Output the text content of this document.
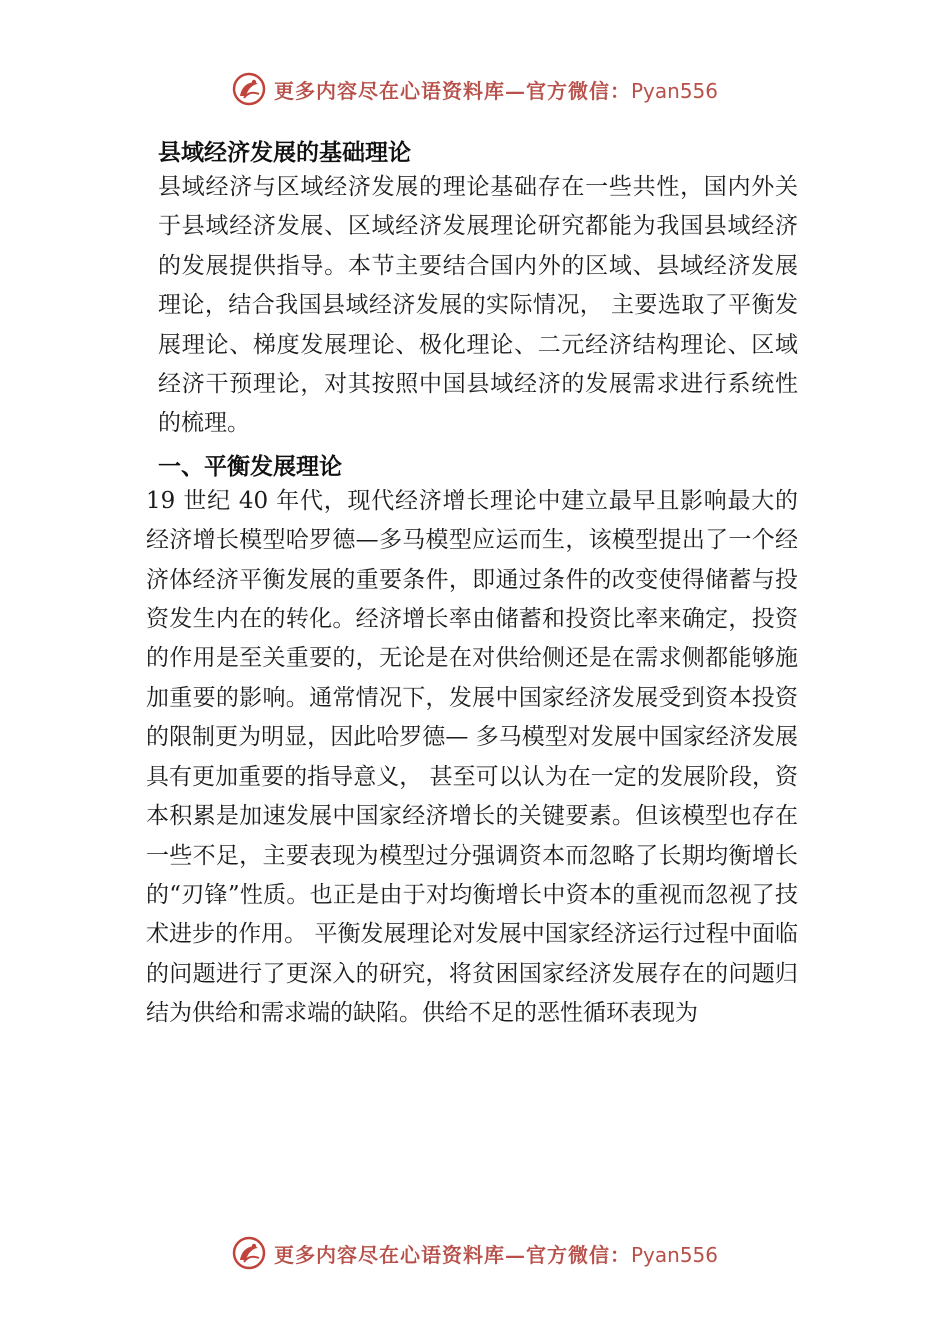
更多内容尽在心语资料库—官方微信：Pyan556
县域经济发展的基础理论

县域经济与区域经济发展的理论基础存在一些共性，国内外关于县域经济发展、区域经济发展理论研究都能为我国县域经济的发展提供指导。本节主要结合国内外的区域、县域经济发展理论，结合我国县域经济发展的实际情况， 主要选取了平衡发展理论、梯度发展理论、极化理论、二元经济结构理论、区域经济干预理论，对其按照中国县域经济的发展需求进行系统性的梳理。

一、平衡发展理论

19 世纪 40 年代，现代经济增长理论中建立最早且影响最大的经济增长模型哈罗德—多马模型应运而生，该模型提出了一个经济体经济平衡发展的重要条件，即通过条件的改变使得储蓄与投资发生内在的转化。经济增长率由储蓄和投资比率来确定，投资的作用是至关重要的，无论是在对供给侧还是在需求侧都能够施加重要的影响。通常情况下，发展中国家经济发展受到资本投资的限制更为明显，因此哈罗德— 多马模型对发展中国家经济发展具有更加重要的指导意义， 甚至可以认为在一定的发展阶段，资本积累是加速发展中国家经济增长的关键要素。但该模型也存在一些不足，主要表现为模型过分强调资本而忽略了长期均衡增长的“刃锋”性质。也正是由于对均衡增长中资本的重视而忽视了技术进步的作用。 平衡发展理论对发展中国家经济运行过程中面临的问题进行了更深入的研究，将贫困国家经济发展存在的问题归结为供给和需求端的缺陷。供给不足的恶性循环表现为

更多内容尽在心语资料库—官方微信：Pyan556
